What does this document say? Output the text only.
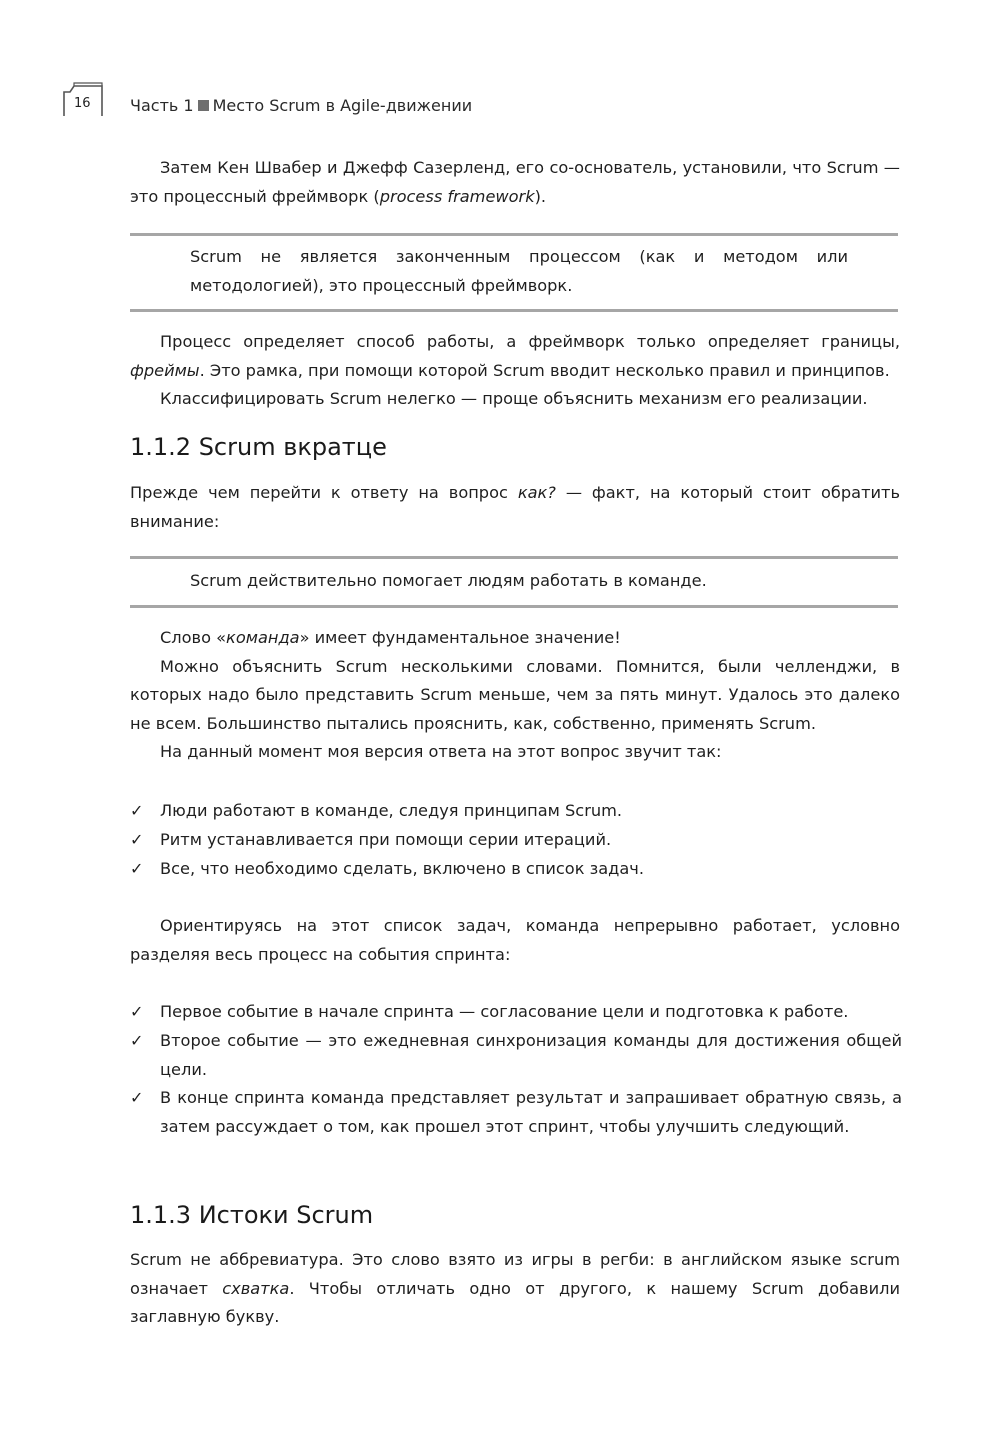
16 Часть 1 Место Scrum в Agile-движении

Затем Кен Швабер и Джефф Сазерленд, его со-основатель, установили, что Scrum — это процессный фреймворк (process framework).

Scrum не является законченным процессом (как и методом или методологией), это процессный фреймворк.

Процесс определяет способ работы, а фреймворк только определяет границы, фреймы. Это рамка, при помощи которой Scrum вводит несколько правил и принципов.

Классифицировать Scrum нелегко — проще объяснить механизм его реализации.

1.1.2 Scrum вкратце

Прежде чем перейти к ответу на вопрос как? — факт, на который стоит обратить внимание:

Scrum действительно помогает людям работать в команде.

Слово «команда» имеет фундаментальное значение!

Можно объяснить Scrum несколькими словами. Помнится, были челленджи, в которых надо было представить Scrum меньше, чем за пять минут. Удалось это далеко не всем. Большинство пытались прояснить, как, собственно, применять Scrum.

На данный момент моя версия ответа на этот вопрос звучит так:

✓ Люди работают в команде, следуя принципам Scrum.
✓ Ритм устанавливается при помощи серии итераций.
✓ Все, что необходимо сделать, включено в список задач.

Ориентируясь на этот список задач, команда непрерывно работает, условно разделяя весь процесс на события спринта:

✓ Первое событие в начале спринта — согласование цели и подготовка к работе.
✓ Второе событие — это ежедневная синхронизация команды для достижения общей цели.
✓ В конце спринта команда представляет результат и запрашивает обратную связь, а затем рассуждает о том, как прошел этот спринт, чтобы улучшить следующий.
1.1.3 Истоки Scrum

Scrum не аббревиатура. Это слово взято из игры в регби: в английском языке scrum означает схватка. Чтобы отличать одно от другого, к нашему Scrum добавили заглавную букву.
